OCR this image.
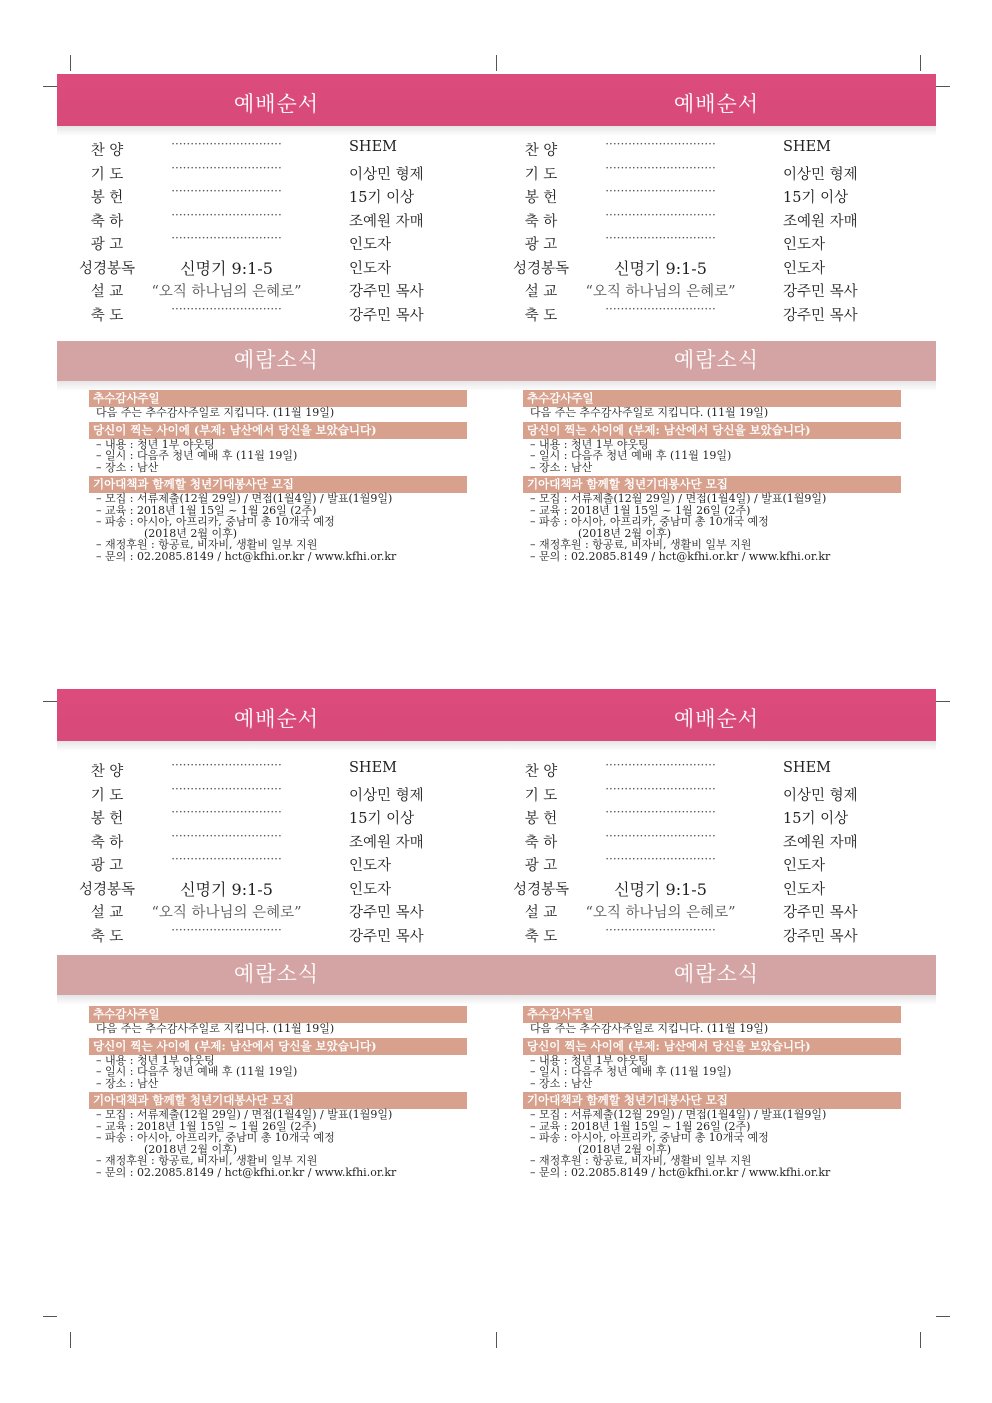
예배순서	예배순서
찬 양	·····························	SHEM
기 도	·····························	이상민 형제
봉 헌	·····························	15기 이상
축 하	·····························	조예원 자매
광 고	·····························	인도자
성경봉독	신명기 9:1-5	인도자
설 교	“오직 하나님의 은혜로”	강주민 목사
축 도	·····························	강주민 목사
찬 양	·····························	SHEM
기 도	·····························	이상민 형제
봉 헌	·····························	15기 이상
축 하	·····························	조예원 자매
광 고	·····························	인도자
성경봉독	신명기 9:1-5	인도자
설 교	“오직 하나님의 은혜로”	강주민 목사
축 도	·····························	강주민 목사
예람소식	예람소식
추수감사주일
다음 주는 추수감사주일로 지킵니다. (11월 19일)
당신이 찍는 사이에 (부제: 남산에서 당신을 보았습니다)
– 내용 : 청년 1부 야웃팅
– 일시 : 다음주 청년 예배 후 (11월 19일)
– 장소 : 남산
기아대책과 함께할 청년기대봉사단 모집
– 모집 : 서류제출(12월 29일) / 면접(1월4일) / 발표(1월9일)
– 교육 : 2018년 1월 15일 ~ 1월 26일 (2주)
– 파송 : 아시아, 아프리카, 중남미 총 10개국 예정
(2018년 2월 이후)
– 재정후원 : 항공료, 비자비, 생활비 일부 지원
– 문의 : 02.2085.8149 / hct@kfhi.or.kr / www.kfhi.or.kr
추수감사주일
다음 주는 추수감사주일로 지킵니다. (11월 19일)
당신이 찍는 사이에 (부제: 남산에서 당신을 보았습니다)
– 내용 : 청년 1부 야웃팅
– 일시 : 다음주 청년 예배 후 (11월 19일)
– 장소 : 남산
기아대책과 함께할 청년기대봉사단 모집
– 모집 : 서류제출(12월 29일) / 면접(1월4일) / 발표(1월9일)
– 교육 : 2018년 1월 15일 ~ 1월 26일 (2주)
– 파송 : 아시아, 아프리카, 중남미 총 10개국 예정
(2018년 2월 이후)
– 재정후원 : 항공료, 비자비, 생활비 일부 지원
– 문의 : 02.2085.8149 / hct@kfhi.or.kr / www.kfhi.or.kr
예배순서	예배순서
찬 양	·····························	SHEM
기 도	·····························	이상민 형제
봉 헌	·····························	15기 이상
축 하	·····························	조예원 자매
광 고	·····························	인도자
성경봉독	신명기 9:1-5	인도자
설 교	“오직 하나님의 은혜로”	강주민 목사
축 도	·····························	강주민 목사
찬 양	·····························	SHEM
기 도	·····························	이상민 형제
봉 헌	·····························	15기 이상
축 하	·····························	조예원 자매
광 고	·····························	인도자
성경봉독	신명기 9:1-5	인도자
설 교	“오직 하나님의 은혜로”	강주민 목사
축 도	·····························	강주민 목사
예람소식	예람소식
추수감사주일
다음 주는 추수감사주일로 지킵니다. (11월 19일)
당신이 찍는 사이에 (부제: 남산에서 당신을 보았습니다)
– 내용 : 청년 1부 야웃팅
– 일시 : 다음주 청년 예배 후 (11월 19일)
– 장소 : 남산
기아대책과 함께할 청년기대봉사단 모집
– 모집 : 서류제출(12월 29일) / 면접(1월4일) / 발표(1월9일)
– 교육 : 2018년 1월 15일 ~ 1월 26일 (2주)
– 파송 : 아시아, 아프리카, 중남미 총 10개국 예정
(2018년 2월 이후)
– 재정후원 : 항공료, 비자비, 생활비 일부 지원
– 문의 : 02.2085.8149 / hct@kfhi.or.kr / www.kfhi.or.kr
추수감사주일
다음 주는 추수감사주일로 지킵니다. (11월 19일)
당신이 찍는 사이에 (부제: 남산에서 당신을 보았습니다)
– 내용 : 청년 1부 야웃팅
– 일시 : 다음주 청년 예배 후 (11월 19일)
– 장소 : 남산
기아대책과 함께할 청년기대봉사단 모집
– 모집 : 서류제출(12월 29일) / 면접(1월4일) / 발표(1월9일)
– 교육 : 2018년 1월 15일 ~ 1월 26일 (2주)
– 파송 : 아시아, 아프리카, 중남미 총 10개국 예정
(2018년 2월 이후)
– 재정후원 : 항공료, 비자비, 생활비 일부 지원
– 문의 : 02.2085.8149 / hct@kfhi.or.kr / www.kfhi.or.kr
